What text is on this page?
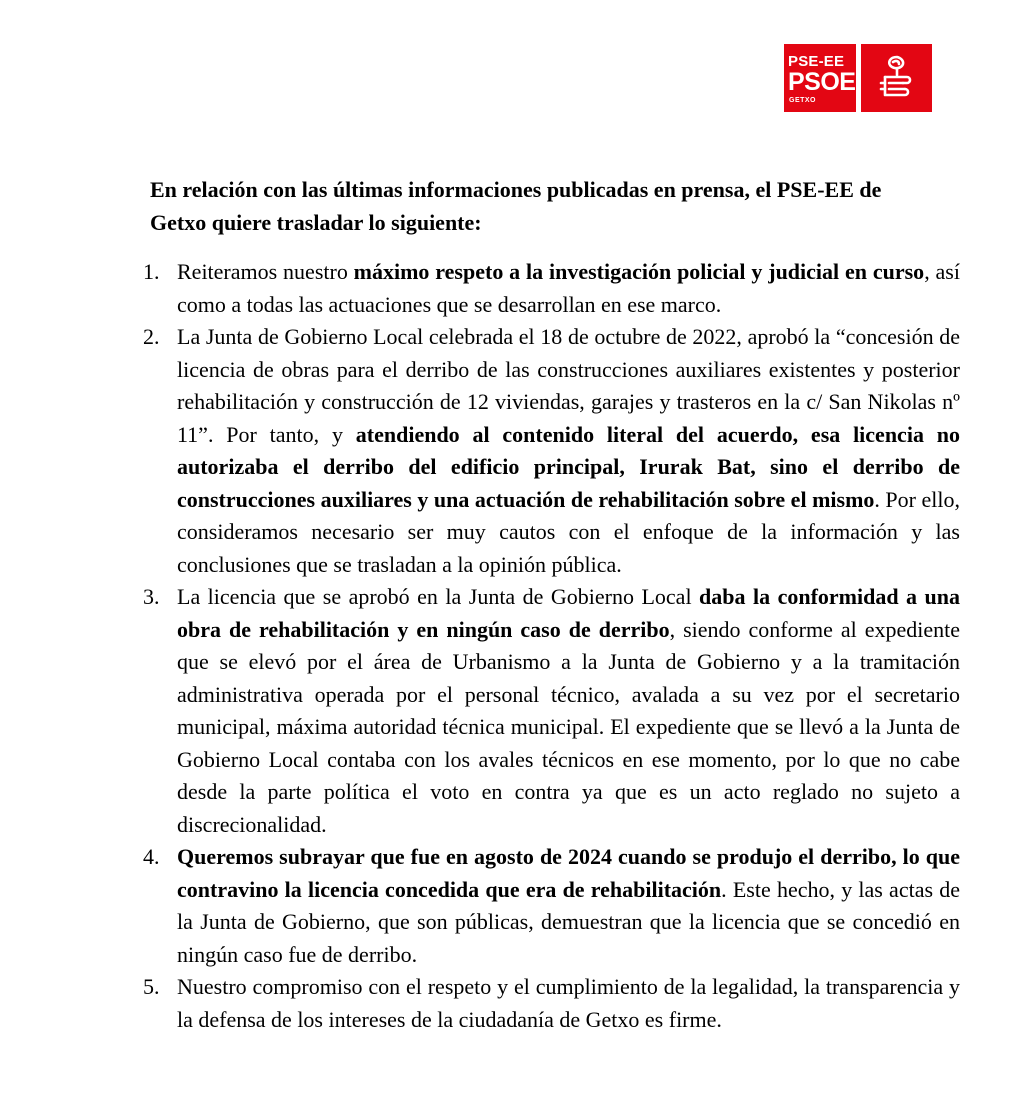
PSE-EE
PSOE
GETXO

En relación con las últimas informaciones publicadas en prensa, el PSE-EE de Getxo quiere trasladar lo siguiente:

1. Reiteramos nuestro máximo respeto a la investigación policial y judicial en curso, así como a todas las actuaciones que se desarrollan en ese marco.
2. La Junta de Gobierno Local celebrada el 18 de octubre de 2022, aprobó la “concesión de licencia de obras para el derribo de las construcciones auxiliares existentes y posterior rehabilitación y construcción de 12 viviendas, garajes y trasteros en la c/ San Nikolas nº 11”. Por tanto, y atendiendo al contenido literal del acuerdo, esa licencia no autorizaba el derribo del edificio principal, Irurak Bat, sino el derribo de construcciones auxiliares y una actuación de rehabilitación sobre el mismo. Por ello, consideramos necesario ser muy cautos con el enfoque de la información y las conclusiones que se trasladan a la opinión pública.
3. La licencia que se aprobó en la Junta de Gobierno Local daba la conformidad a una obra de rehabilitación y en ningún caso de derribo, siendo conforme al expediente que se elevó por el área de Urbanismo a la Junta de Gobierno y a la tramitación administrativa operada por el personal técnico, avalada a su vez por el secretario municipal, máxima autoridad técnica municipal. El expediente que se llevó a la Junta de Gobierno Local contaba con los avales técnicos en ese momento, por lo que no cabe desde la parte política el voto en contra ya que es un acto reglado no sujeto a discrecionalidad.
4. Queremos subrayar que fue en agosto de 2024 cuando se produjo el derribo, lo que contravino la licencia concedida que era de rehabilitación. Este hecho, y las actas de la Junta de Gobierno, que son públicas, demuestran que la licencia que se concedió en ningún caso fue de derribo.
5. Nuestro compromiso con el respeto y el cumplimiento de la legalidad, la transparencia y la defensa de los intereses de la ciudadanía de Getxo es firme.
